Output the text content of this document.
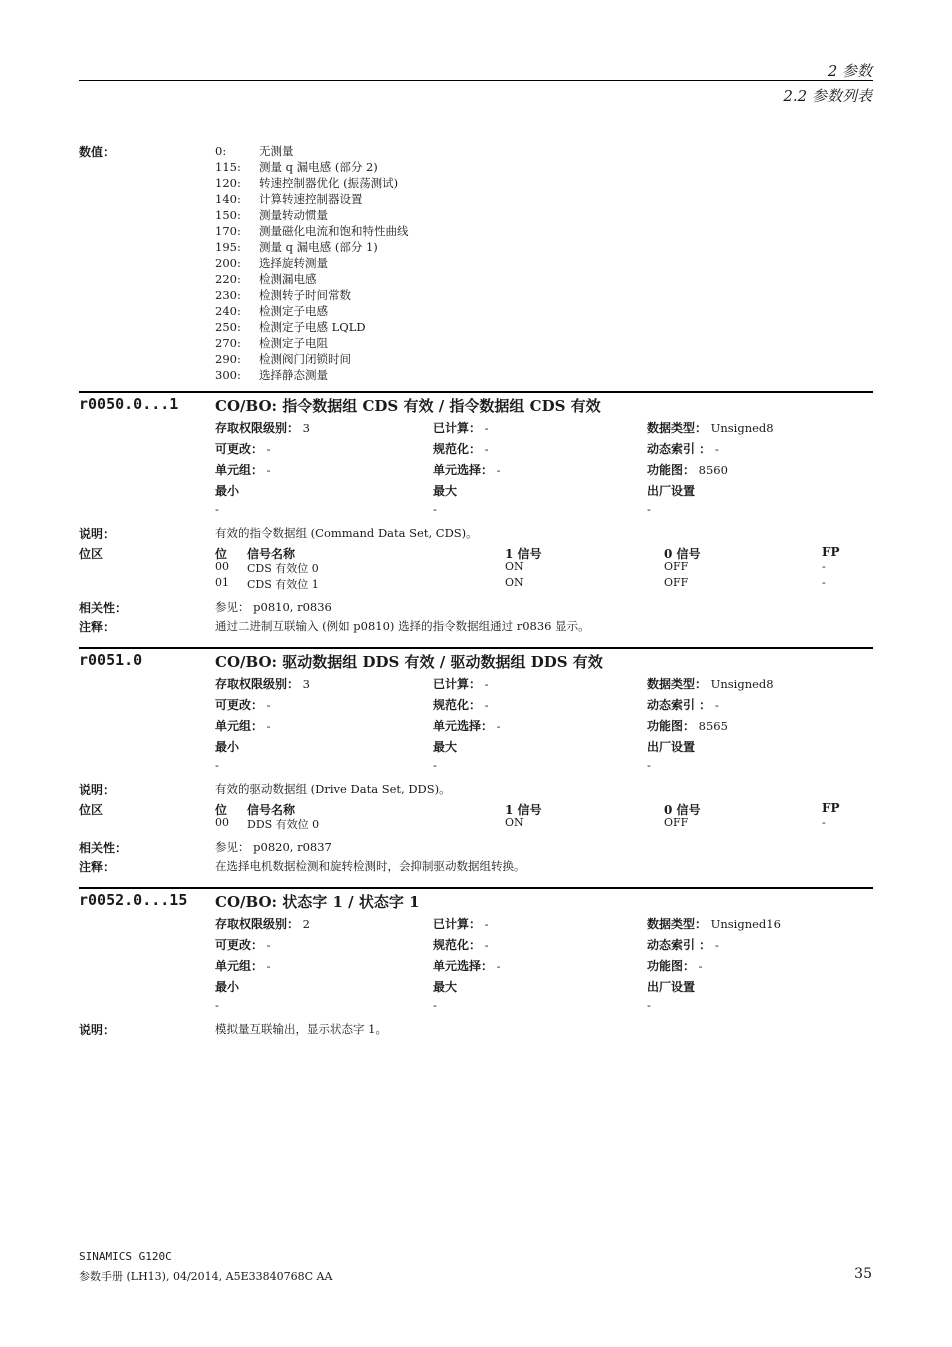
2 参数
2.2 参数列表
数值：	0:	无测量
115: 测量 q 漏电感 (部分 2)
120: 转速控制器优化 (振荡测试)
140: 计算转速控制器设置
150: 测量转动惯量
170: 测量磁化电流和饱和特性曲线
195: 测量 q 漏电感 (部分 1)
200: 选择旋转测量
220: 检测漏电感
230: 检测转子时间常数
240: 检测定子电感
250: 检测定子电感 LQLD
270: 检测定子电阻
290: 检测阀门闭锁时间
300: 选择静态测量
r0050.0...1 CO/BO: 指令数据组 CDS 有效 / 指令数据组 CDS 有效
存取权限级别： 3	已计算： -	数据类型： Unsigned8
可更改： -	规范化： -	动态索引 ： -
单元组： -	单元选择： -	功能图： 8560
最小	最大	出厂设置
-	-	-
说明：	有效的指令数据组 (Command Data Set, CDS)。
位区	位 信号名称	1 信号	0 信号	FP
00 CDS 有效位 0	ON	OFF	-
01 CDS 有效位 1	ON	OFF	-
相关性：	参见： p0810, r0836
注释：	通过二进制互联输入 (例如 p0810) 选择的指令数据组通过 r0836 显示。
r0051.0	CO/BO: 驱动数据组 DDS 有效 / 驱动数据组 DDS 有效
存取权限级别： 3	已计算： -	数据类型： Unsigned8
可更改： -	规范化： -	动态索引 ： -
单元组： -	单元选择： -	功能图： 8565
最小	最大	出厂设置
-	-	-
说明：	有效的驱动数据组 (Drive Data Set, DDS)。
位区	位 信号名称	1 信号	0 信号	FP
00 DDS 有效位 0	ON	OFF	-
相关性：	参见： p0820, r0837
注释：	在选择电机数据检测和旋转检测时，会抑制驱动数据组转换。
r0052.0...15 CO/BO: 状态字 1 / 状态字 1
存取权限级别： 2	已计算： -	数据类型： Unsigned16
可更改： -	规范化： -	动态索引 ： -
单元组： -	单元选择： -	功能图： -
最小	最大	出厂设置
-	-	-
说明：	模拟量互联输出，显示状态字 1。
SINAMICS G120C
参数手册 (LH13), 04/2014, A5E33840768C AA	35
